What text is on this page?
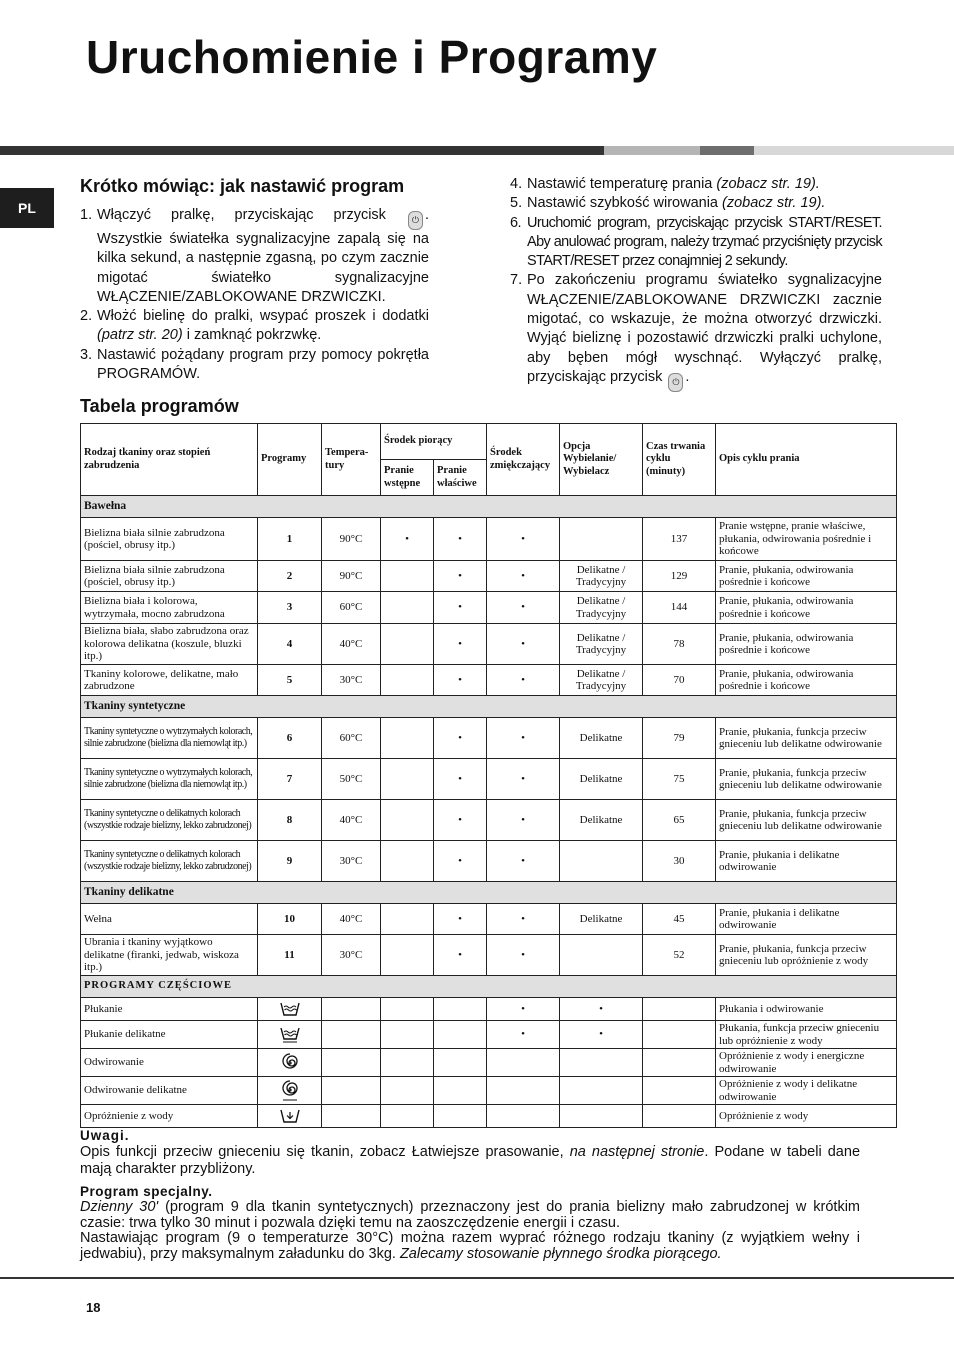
Uruchomienie i Programy
PL
Krótko mówiąc: jak nastawić program
1. Włączyć pralkę, przyciskając przycisk	⏻ . Wszystkie światełka sygnalizacyjne zapalą się na kilka sekund, a następnie zgasną, po czym zacznie migotać światełko sygnalizacyjne WŁĄCZENIE/ZABLOKOWANE DRZWICZKI.
2. Włożć bielinę do pralki, wsypać proszek i dodatki (patrz str. 20) i zamknąć pokrzwkę.
3. Nastawić pożądany program przy pomocy pokrętła PROGRAMÓW.
4. Nastawić temperaturę prania (zobacz str. 19).
5. Nastawić szybkość wirowania (zobacz str. 19).
6. Uruchomić program, przyciskając przycisk START/RESET. Aby anulować program, należy trzymać przyciśnięty przycisk START/RESET przez conajmniej 2 sekundy.
7. Po zakończeniu programu światełko sygnalizacyjne WŁĄCZENIE/ZABLOKOWANE DRZWICZKI zacznie migotać, co wskazuje, że można otworzyć drzwiczki. Wyjąć bieliznę i pozostawić drzwiczki pralki uchylone, aby bęben mógł wyschnąć. Wyłączyć pralkę, przyciskając przycisk ⏻ .
Tabela programów
Rodzaj tkaniny oraz stopień zabrudzenia	Programy	Tempera-tury	Środek piorący		Środek zmiękczający	Opcja Wybielanie/ Wybielacz	Czas trwania cyklu (minuty)	Opis cyklu prania
			Pranie wstępne	Pranie właściwe				
Bawełna								
Bielizna biała silnie zabrudzona (pościel, obrusy itp.)	1	90°C	•	•	•		137	Pranie wstępne, pranie właściwe, płukania, odwirowania pośrednie i końcowe
Bielizna biała silnie zabrudzona (pościel, obrusy itp.)	2	90°C		•	•	Delikatne / Tradycyjny	129	Pranie, płukania, odwirowania pośrednie i końcowe
Bielizna biała i kolorowa, wytrzymała, mocno zabrudzona	3	60°C		•	•	Delikatne / Tradycyjny	144	Pranie, płukania, odwirowania pośrednie i końcowe
Bielizna biała, słabo zabrudzona oraz kolorowa delikatna (koszule, bluzki itp.)	4	40°C		•	•	Delikatne / Tradycyjny	78	Pranie, płukania, odwirowania pośrednie i końcowe
Tkaniny kolorowe, delikatne, mało zabrudzone	5	30°C		•	•	Delikatne / Tradycyjny	70	Pranie, płukania, odwirowania pośrednie i końcowe
Tkaniny syntetyczne								
Tkaniny syntetyczne o wytrzymałych kolorach, silnie zabrudzone (bielizna dla niemowląt itp.)	6	60°C		•	•	Delikatne	79	Pranie, płukania, funkcja przeciw gnieceniu lub delikatne odwirowanie
Tkaniny syntetyczne o wytrzymałych kolorach, silnie zabrudzone (bielizna dla niemowląt itp.)	7	50°C		•	•	Delikatne	75	Pranie, płukania, funkcja przeciw gnieceniu lub delikatne odwirowanie
Tkaniny syntetyczne o delikatnych kolorach (wszystkie rodzaje bielizny, lekko zabrudzonej)	8	40°C		•	•	Delikatne	65	Pranie, płukania, funkcja przeciw gnieceniu lub delikatne odwirowanie
Tkaniny syntetyczne o delikatnych kolorach (wszystkie rodzaje bielizny, lekko zabrudzonej)	9	30°C		•	•		30	Pranie, płukania i delikatne odwirowanie
Tkaniny delikatne								
Wełna	10	40°C		•	•	Delikatne	45	Pranie, płukania i delikatne odwirowanie
Ubrania i tkaniny wyjątkowo delikatne (firanki, jedwab, wiskoza itp.)	11	30°C		•	•		52	Pranie, płukania, funkcja przeciw gnieceniu lub opróżnienie z wody
PROGRAMY CZĘŚCIOWE								
Płukanie					•	•		Płukania i odwirowanie
Płukanie delikatne					•	•		Płukania, funkcja przeciw gnieceniu lub opróżnienie z wody
Odwirowanie								Opróżnienie z wody i energiczne odwirowanie
Odwirowanie delikatne								Opróżnienie z wody i delikatne odwirowanie
Opróżnienie z wody								Opróżnienie z wody
Uwagi.
Opis funkcji przeciw gnieceniu się tkanin, zobacz Łatwiejsze prasowanie, na następnej stronie. Podane w tabeli dane mają charakter przybliżony.
Program specjalny.
Dzienny 30' (program 9 dla tkanin syntetycznych) przeznaczony jest do prania bielizny mało zabrudzonej w krótkim czasie: trwa tylko 30 minut i pozwala dzięki temu na zaoszczędzenie energii i czasu.
Nastawiając program (9 o temperaturze 30°C) można razem wyprać różnego rodzaju tkaniny (z wyjątkiem wełny i jedwabiu), przy maksymalnym załadunku do 3kg. Zalecamy stosowanie płynnego środka piorącego.
18
